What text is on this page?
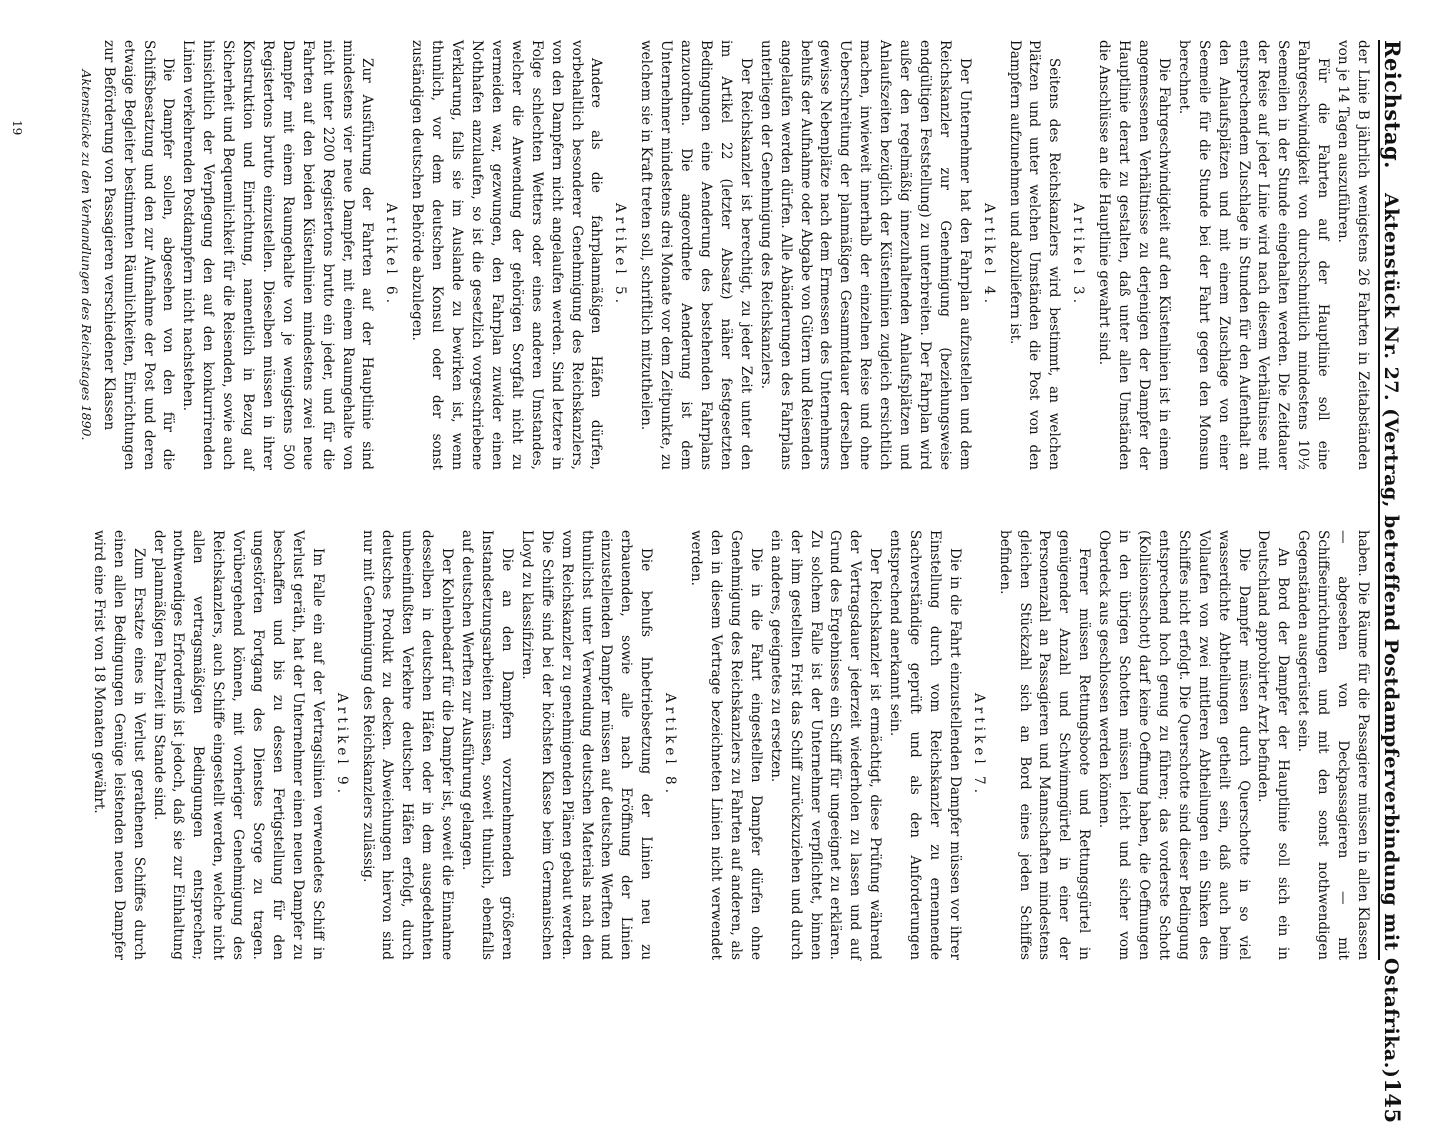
Reichstag.
Aktenstück Nr. 27. (Vertrag, betreffend Postdampferverbindung mit Ostafrika.)
145

der Linie B jährlich wenigstens 26 Fahrten in Zeitabständen von je 14 Tagen auszuführen.

Für die Fahrten auf der Hauptlinie soll eine Fahrgeschwindigkeit von durchschnittlich mindestens 10½ Seemeilen in der Stunde eingehalten werden. Die Zeitdauer der Reise auf jeder Linie wird nach diesem Verhältnisse mit entsprechendem Zuschlage in Stunden für den Aufenthalt an den Anlaufsplätzen und mit einem Zuschlage von einer Seemeile für die Stunde bei der Fahrt gegen den Monsun berechnet.

Die Fahrgeschwindigkeit auf den Küstenlinien ist in einem angemessenen Verhältnisse zu derjenigen der Dampfer der Hauptlinie derart zu gestalten, daß unter allen Umständen die Anschlüsse an die Hauptlinie gewahrt sind.

Artikel 3.

Seitens des Reichskanzlers wird bestimmt, an welchen Plätzen und unter welchen Umständen die Post von den Dampfern aufzunehmen und abzuliefern ist.

Artikel 4.

Der Unternehmer hat den Fahrplan aufzustellen und dem Reichskanzler zur Genehmigung (beziehungsweise endgültigen Feststellung) zu unterbreiten. Der Fahrplan wird außer den regelmäßig innezuhaltenden Anlaufsplätzen und Anlaufszeiten bezüglich der Küstenlinien zugleich ersichtlich machen, inwieweit innerhalb der einzelnen Reise und ohne Ueberschreitung der planmäßigen Gesammtdauer derselben gewisse Nebenplätze nach dem Ermessen des Unternehmers behufs der Aufnahme oder Abgabe von Gütern und Reisenden angelaufen werden dürfen. Alle Abänderungen des Fahrplans unterliegen der Genehmigung des Reichskanzlers.

Der Reichskanzler ist berechtigt, zu jeder Zeit unter den im Artikel 22 (letzter Absatz) näher festgesetzten Bedingungen eine Aenderung des bestehenden Fahrplans anzuordnen. Die angeordnete Aenderung ist dem Unternehmer mindestens drei Monate vor dem Zeitpunkte, zu welchem sie in Kraft treten soll, schriftlich mitzutheilen.

Artikel 5.

Andere als die fahrplanmäßigen Häfen dürfen, vorbehaltlich besonderer Genehmigung des Reichskanzlers, von den Dampfern nicht angelaufen werden. Sind letztere in Folge schlechten Wetters oder eines anderen Umstandes, welcher die Anwendung der gehörigen Sorgfalt nicht zu vermeiden war, gezwungen, den Fahrplan zuwider einen Nothhafen anzulaufen, so ist die gesetzlich vorgeschriebene Verklarung, falls sie im Auslande zu bewirken ist, wenn thunlich, vor dem deutschen Konsul oder der sonst zuständigen deutschen Behörde abzulegen.

Artikel 6.

Zur Ausführung der Fahrten auf der Hauptlinie sind mindestens vier neue Dampfer, mit einem Raumgehalte von nicht unter 2200 Registertons brutto ein jeder, und für die Fahrten auf den beiden Küstenlinien mindestens zwei neue Dampfer mit einem Raumgehalte von je wenigstens 500 Registertons brutto einzustellen. Dieselben müssen in ihrer Konstruktion und Einrichtung, namentlich in Bezug auf Sicherheit und Bequemlichkeit für die Reisenden, sowie auch hinsichtlich der Verpflegung den auf den konkurrirenden Linien verkehrenden Postdampfern nicht nachstehen.

Die Dampfer sollen, abgesehen von den für die Schiffsbesatzung und den zur Aufnahme der Post und deren etwaige Begleiter bestimmten Räumlichkeiten, Einrichtungen zur Beförderung von Passagieren verschiedener Klassen

Aktenstücke zu den Verhandlungen des Reichstages 1890.

haben. Die Räume für die Passagiere müssen in allen Klassen — abgesehen von Deckpassagieren — mit Schiffseinrichtungen und mit den sonst nothwendigen Gegenständen ausgerüstet sein.

An Bord der Dampfer der Hauptlinie soll sich ein in Deutschland approbirter Arzt befinden.

Die Dampfer müssen durch Querschotte in so viel wasserdichte Abtheilungen getheilt sein, daß auch beim Vollaufen von zwei mittleren Abtheilungen ein Sinken des Schiffes nicht erfolgt. Die Querschotte sind dieser Bedingung entsprechend hoch genug zu führen; das vorderste Schott (Kollisionsschott) darf keine Oeffnung haben, die Oeffnungen in den übrigen Schotten müssen leicht und sicher vom Oberdeck aus geschlossen werden können.

Ferner müssen Rettungsboote und Rettungsgürtel in genügender Anzahl und Schwimmgürtel in einer der Personenzahl an Passagieren und Mannschaften mindestens gleichen Stückzahl sich an Bord eines jeden Schiffes befinden.

Artikel 7.

Die in die Fahrt einzustellenden Dampfer müssen vor ihrer Einstellung durch vom Reichskanzler zu ernennende Sachverständige geprüft und als den Anforderungen entsprechend anerkannt sein.

Der Reichskanzler ist ermächtigt, diese Prüfung während der Vertragsdauer jederzeit wiederholen zu lassen und auf Grund des Ergebnisses ein Schiff für ungeeignet zu erklären. Zu solchem Falle ist der Unternehmer verpflichtet, binnen der ihm gestellten Frist das Schiff zurückzuziehen und durch ein anderes, geeignetes zu ersetzen.

Die in die Fahrt eingestellten Dampfer dürfen ohne Genehmigung des Reichskanzlers zu Fahrten auf anderen, als den in diesem Vertrage bezeichneten Linien nicht verwendet werden.

Artikel 8.

Die behufs Inbetriebsetzung der Linien neu zu erbauenden, sowie alle nach Eröffnung der Linien einzustellenden Dampfer müssen auf deutschen Werften und thunlichst unter Verwendung deutschen Materials nach den vom Reichskanzler zu genehmigenden Plänen gebaut werden. Die Schiffe sind bei der höchsten Klasse beim Germanischen Lloyd zu klassifiziren.

Die an den Dampfern vorzunehmenden größeren Instandsetzungsarbeiten müssen, soweit thunlich, ebenfalls auf deutschen Werften zur Ausführung gelangen.

Der Kohlenbedarf für die Dampfer ist, soweit die Einnahme desselben in deutschen Häfen oder in dem ausgedehnten unbeeinflußten Verkehre deutscher Häfen erfolgt, durch deutsches Produkt zu decken. Abweichungen hiervon sind nur mit Genehmigung des Reichskanzlers zulässig.

Artikel 9.

Im Falle ein auf der Vertragslinien verwendetes Schiff in Verlust geräth, hat der Unternehmer einen neuen Dampfer zu beschaffen und bis zu dessen Fertigstellung für den ungestörten Fortgang des Dienstes Sorge zu tragen. Vorübergehend können, mit vorheriger Genehmigung des Reichskanzlers, auch Schiffe eingestellt werden, welche nicht allen vertragsmäßigen Bedingungen entsprechen; nothwendiges Erforderniß ist jedoch, daß sie zur Einhaltung der planmäßigen Fahrzeit im Stande sind.

Zum Ersatze eines in Verlust gerathenen Schiffes durch einen allen Bedingungen Genüge leistenden neuen Dampfer wird eine Frist von 18 Monaten gewährt.

19
